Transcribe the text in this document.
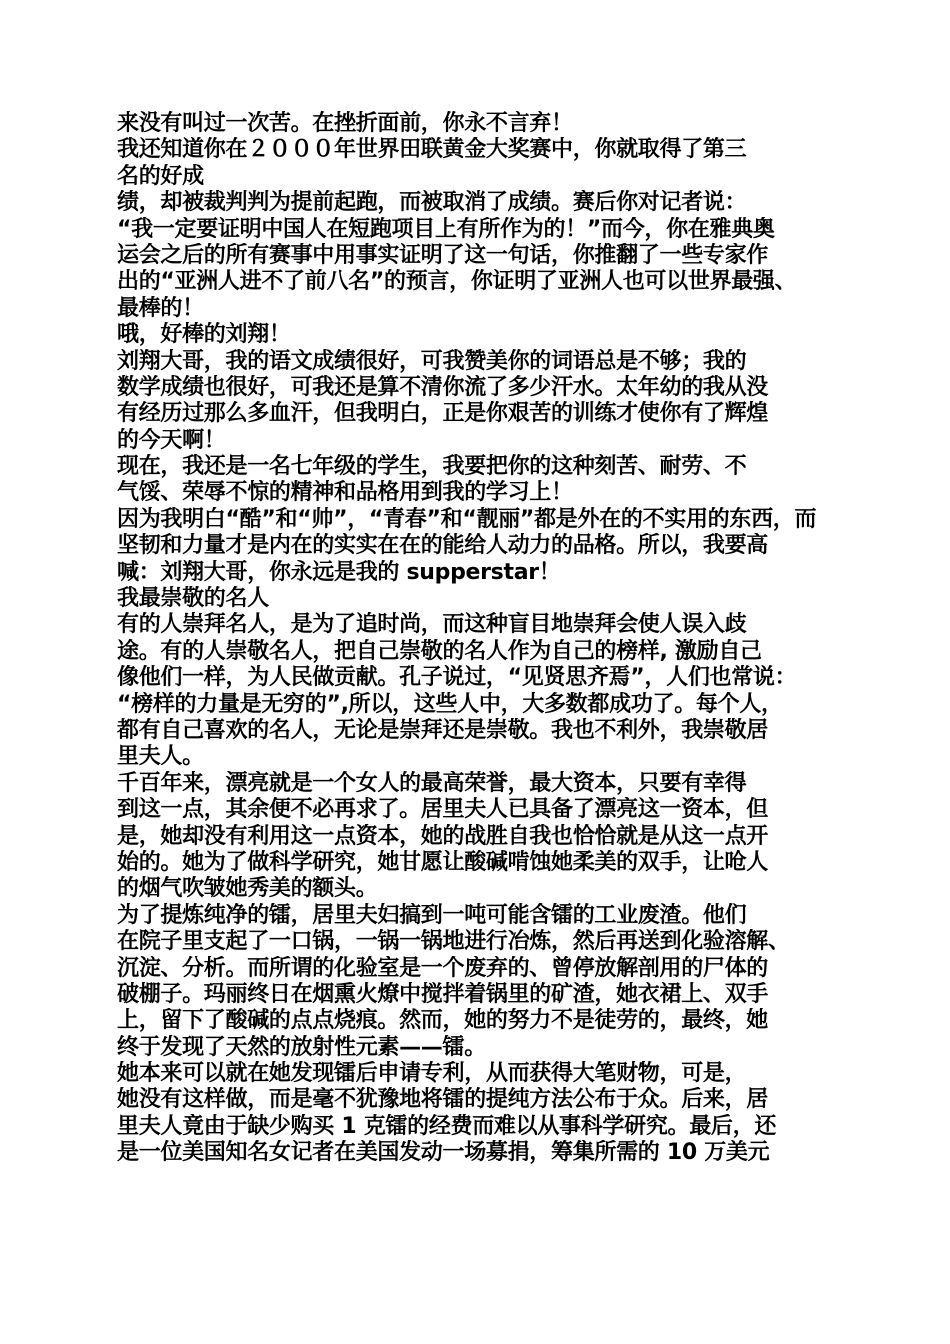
来没有叫过一次苦。在挫折面前，你永不言弃！
我还知道你在２０００年世界田联黄金大奖赛中，你就取得了第三
名的好成
绩，却被裁判判为提前起跑，而被取消了成绩。赛后你对记者说：
“我一定要证明中国人在短跑项目上有所作为的！”而今，你在雅典奥
运会之后的所有赛事中用事实证明了这一句话，你推翻了一些专家作
出的“亚洲人进不了前八名”的预言，你证明了亚洲人也可以世界最强、
最棒的！
哦，好棒的刘翔！
刘翔大哥，我的语文成绩很好，可我赞美你的词语总是不够；我的
数学成绩也很好，可我还是算不清你流了多少汗水。太年幼的我从没
有经历过那么多血汗，但我明白，正是你艰苦的训练才使你有了辉煌
的今天啊！
现在，我还是一名七年级的学生，我要把你的这种刻苦、耐劳、不
气馁、荣辱不惊的精神和品格用到我的学习上！
因为我明白“酷”和“帅”，“青春”和“靓丽”都是外在的不实用的东西，而
坚韧和力量才是内在的实实在在的能给人动力的品格。所以，我要高
喊：刘翔大哥，你永远是我的 supperstar！
我最崇敬的名人
有的人崇拜名人，是为了追时尚，而这种盲目地崇拜会使人误入歧
途。有的人崇敬名人，把自己崇敬的名人作为自己的榜样, 激励自己
像他们一样，为人民做贡献。孔子说过，“见贤思齐焉”，人们也常说：
“榜样的力量是无穷的”,所以，这些人中，大多数都成功了。每个人，
都有自己喜欢的名人，无论是崇拜还是崇敬。我也不利外，我崇敬居
里夫人。
千百年来，漂亮就是一个女人的最高荣誉，最大资本，只要有幸得
到这一点，其余便不必再求了。居里夫人已具备了漂亮这一资本，但
是，她却没有利用这一点资本，她的战胜自我也恰恰就是从这一点开
始的。她为了做科学研究，她甘愿让酸碱啃蚀她柔美的双手，让呛人
的烟气吹皱她秀美的额头。
为了提炼纯净的镭，居里夫妇搞到一吨可能含镭的工业废渣。他们
在院子里支起了一口锅，一锅一锅地进行冶炼，然后再送到化验溶解、
沉淀、分析。而所谓的化验室是一个废弃的、曾停放解剖用的尸体的
破棚子。玛丽终日在烟熏火燎中搅拌着锅里的矿渣，她衣裙上、双手
上，留下了酸碱的点点烧痕。然而，她的努力不是徒劳的，最终，她
终于发现了天然的放射性元素——镭。
她本来可以就在她发现镭后申请专利，从而获得大笔财物，可是，
她没有这样做，而是毫不犹豫地将镭的提纯方法公布于众。后来，居
里夫人竟由于缺少购买 1 克镭的经费而难以从事科学研究。最后，还
是一位美国知名女记者在美国发动一场募捐，筹集所需的 10 万美元
